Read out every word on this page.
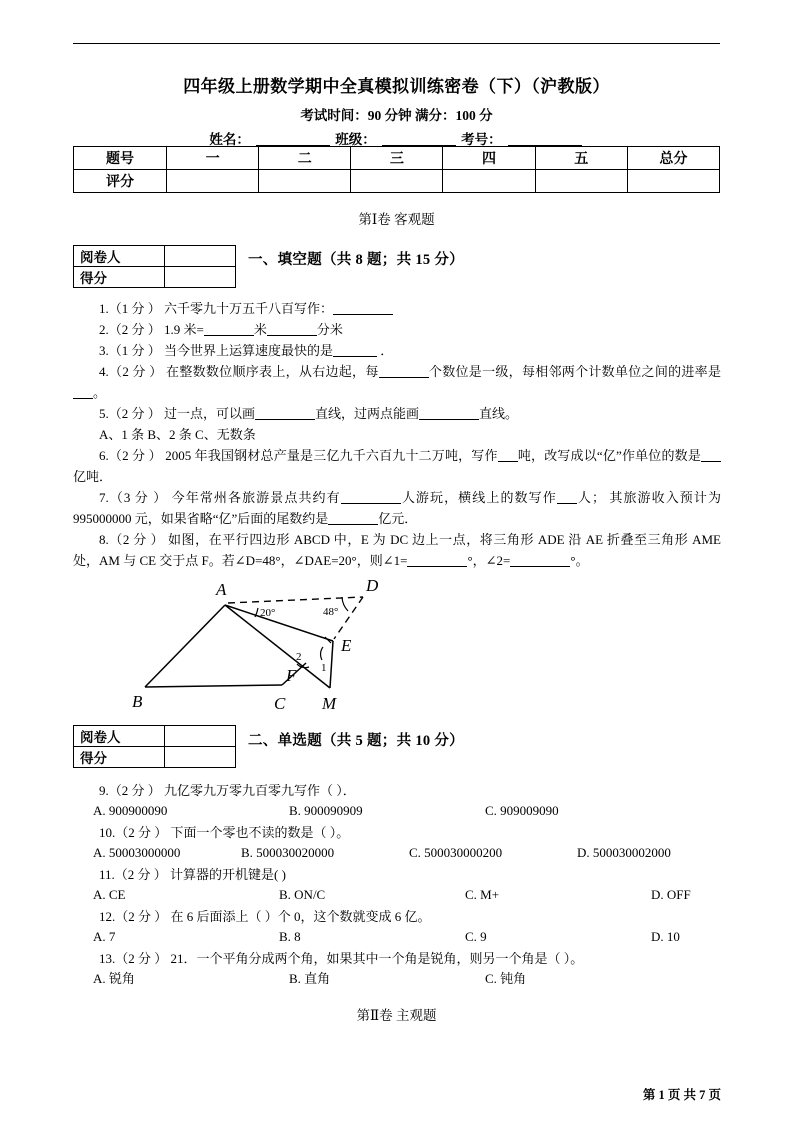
四年级上册数学期中全真模拟训练密卷（下）（沪教版）
考试时间：90 分钟 满分：100 分
姓名：	班级：	考号：
题号	一	二	三	四	五	总分
评分						
第Ⅰ卷 客观题
阅卷人	
得分	
一、填空题（共 8 题；共 15 分）
1.（1 分 ） 六千零九十万五千八百写作：
2.（2 分 ） 1.9 米=	米	分米
3.（1 分 ） 当今世界上运算速度最快的是	．
4.（2 分 ） 在整数数位顺序表上，从右边起，每	个数位是一级，每相邻两个计数单位之间的进率是。
5.（2 分 ） 过一点，可以画	直线，过两点能画	直线。
A、1 条 B、2 条 C、无数条
6.（2 分 ） 2005 年我国钢材总产量是三亿九千六百九十二万吨，写作 吨，改写成以“亿”作单位的数是亿吨．
7.（3 分 ） 今年常州各旅游景点共约有	人游玩，横线上的数写作 人； 其旅游收入预计为 995000000 元，如果省略“亿”后面的尾数约是	亿元．
8.（2 分 ） 如图，在平行四边形 ABCD 中，E 为 DC 边上一点，将三角形 ADE 沿 AE 折叠至三角形 AME 处，AM 与 CE 交于点 F。若∠D=48°，∠DAE=20°，则∠1=	°，∠2=	°。
A
B	C
D
E
F
M
20°	48°
1
2
阅卷人	
得分	
二、单选题（共 5 题；共 10 分）
9.（2 分 ） 九亿零九万零九百零九写作（ ）．
A. 900900090	B. 900090909	C. 909009090
10.（2 分 ） 下面一个零也不读的数是（ ）。
A. 50003000000	B. 500030020000	C. 500030000200	D. 500030002000
11.（2 分 ） 计算器的开机键是( )
A. CE	B. ON/C	C. M+	D. OFF
12.（2 分 ） 在 6 后面添上（ ）个 0，这个数就变成 6 亿。
A. 7	B. 8	C. 9	D. 10
13.（2 分 ） 21．一个平角分成两个角，如果其中一个角是锐角，则另一个角是（ ）。
A. 锐角	B. 直角	C. 钝角
第Ⅱ卷 主观题
第 1 页 共 7 页
